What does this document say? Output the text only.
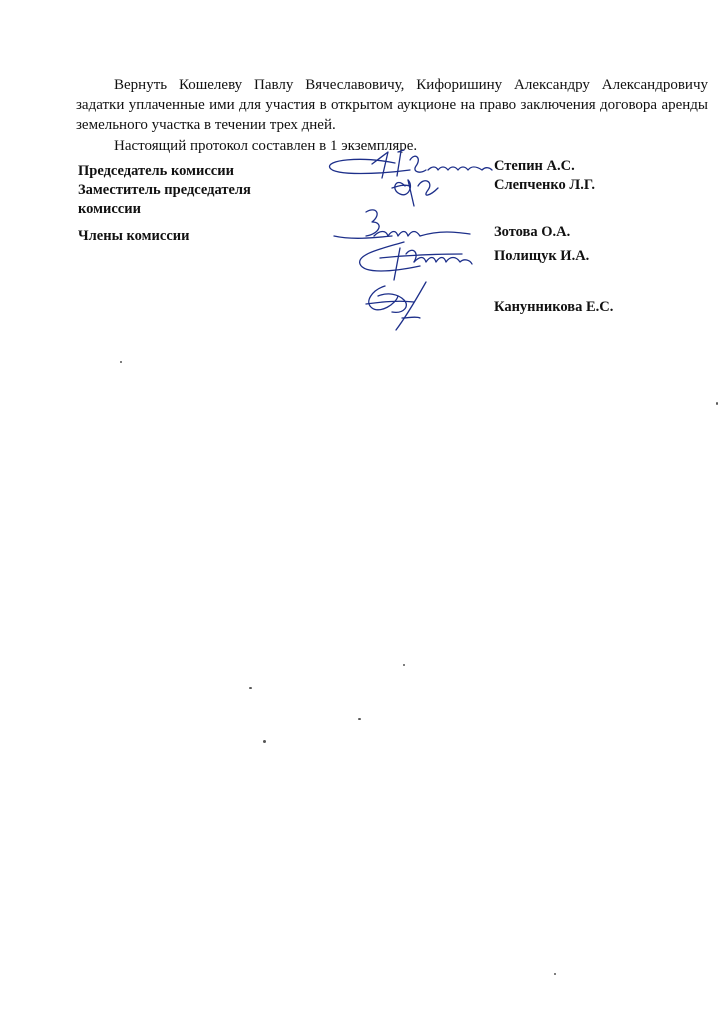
Вернуть Кошелеву Павлу Вячеславовичу, Кифоришину Александру Александровичу задатки уплаченные ими для участия в открытом аукционе на право заключения договора аренды земельного участка в течении трех дней.

Настоящий протокол составлен в 1 экземпляре.

Председатель комиссии
Заместитель председателя комиссии
Члены комиссии
Степин А.С.
Слепченко Л.Г.
Зотова О.А.
Полищук И.А.
Канунникова Е.С.
